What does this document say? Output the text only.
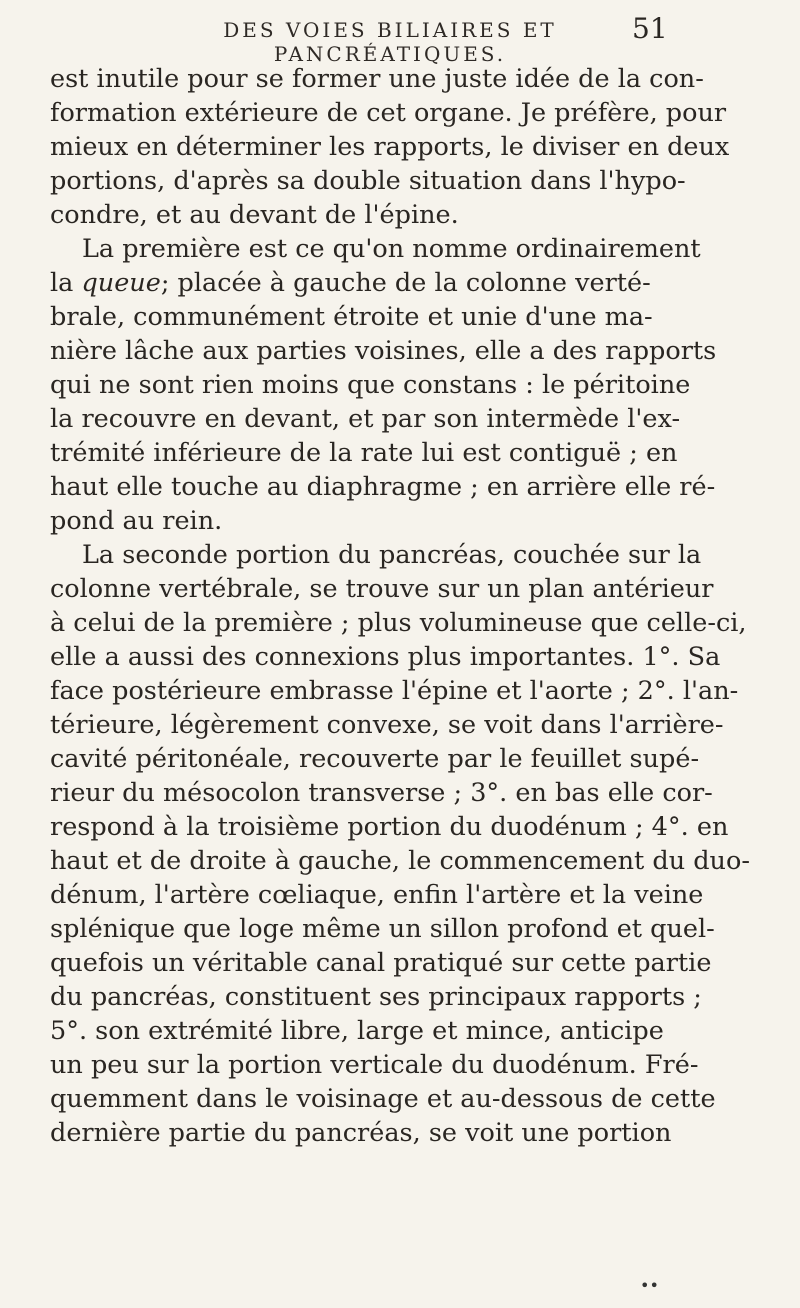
DES VOIES BILIAIRES ET PANCRÉATIQUES.
51
est inutile pour se former une juste idée de la con-
formation extérieure de cet organe. Je préfère, pour
mieux en déterminer les rapports, le diviser en deux
portions, d'après sa double situation dans l'hypo-
condre, et au devant de l'épine.
La première est ce qu'on nomme ordinairement
la queue; placée à gauche de la colonne verté-
brale, communément étroite et unie d'une ma-
nière lâche aux parties voisines, elle a des rapports
qui ne sont rien moins que constans : le péritoine
la recouvre en devant, et par son intermède l'ex-
trémité inférieure de la rate lui est contiguë ; en
haut elle touche au diaphragme ; en arrière elle ré-
pond au rein.
La seconde portion du pancréas, couchée sur la
colonne vertébrale, se trouve sur un plan antérieur
à celui de la première ; plus volumineuse que celle-ci,
elle a aussi des connexions plus importantes. 1°. Sa
face postérieure embrasse l'épine et l'aorte ; 2°. l'an-
térieure, légèrement convexe, se voit dans l'arrière-
cavité péritonéale, recouverte par le feuillet supé-
rieur du mésocolon transverse ; 3°. en bas elle cor-
respond à la troisième portion du duodénum ; 4°. en
haut et de droite à gauche, le commencement du duo-
dénum, l'artère cœliaque, enfin l'artère et la veine
splénique que loge même un sillon profond et quel-
quefois un véritable canal pratiqué sur cette partie
du pancréas, constituent ses principaux rapports ;
5°. son extrémité libre, large et mince, anticipe
un peu sur la portion verticale du duodénum. Fré-
quemment dans le voisinage et au-dessous de cette
dernière partie du pancréas, se voit une portion
••
